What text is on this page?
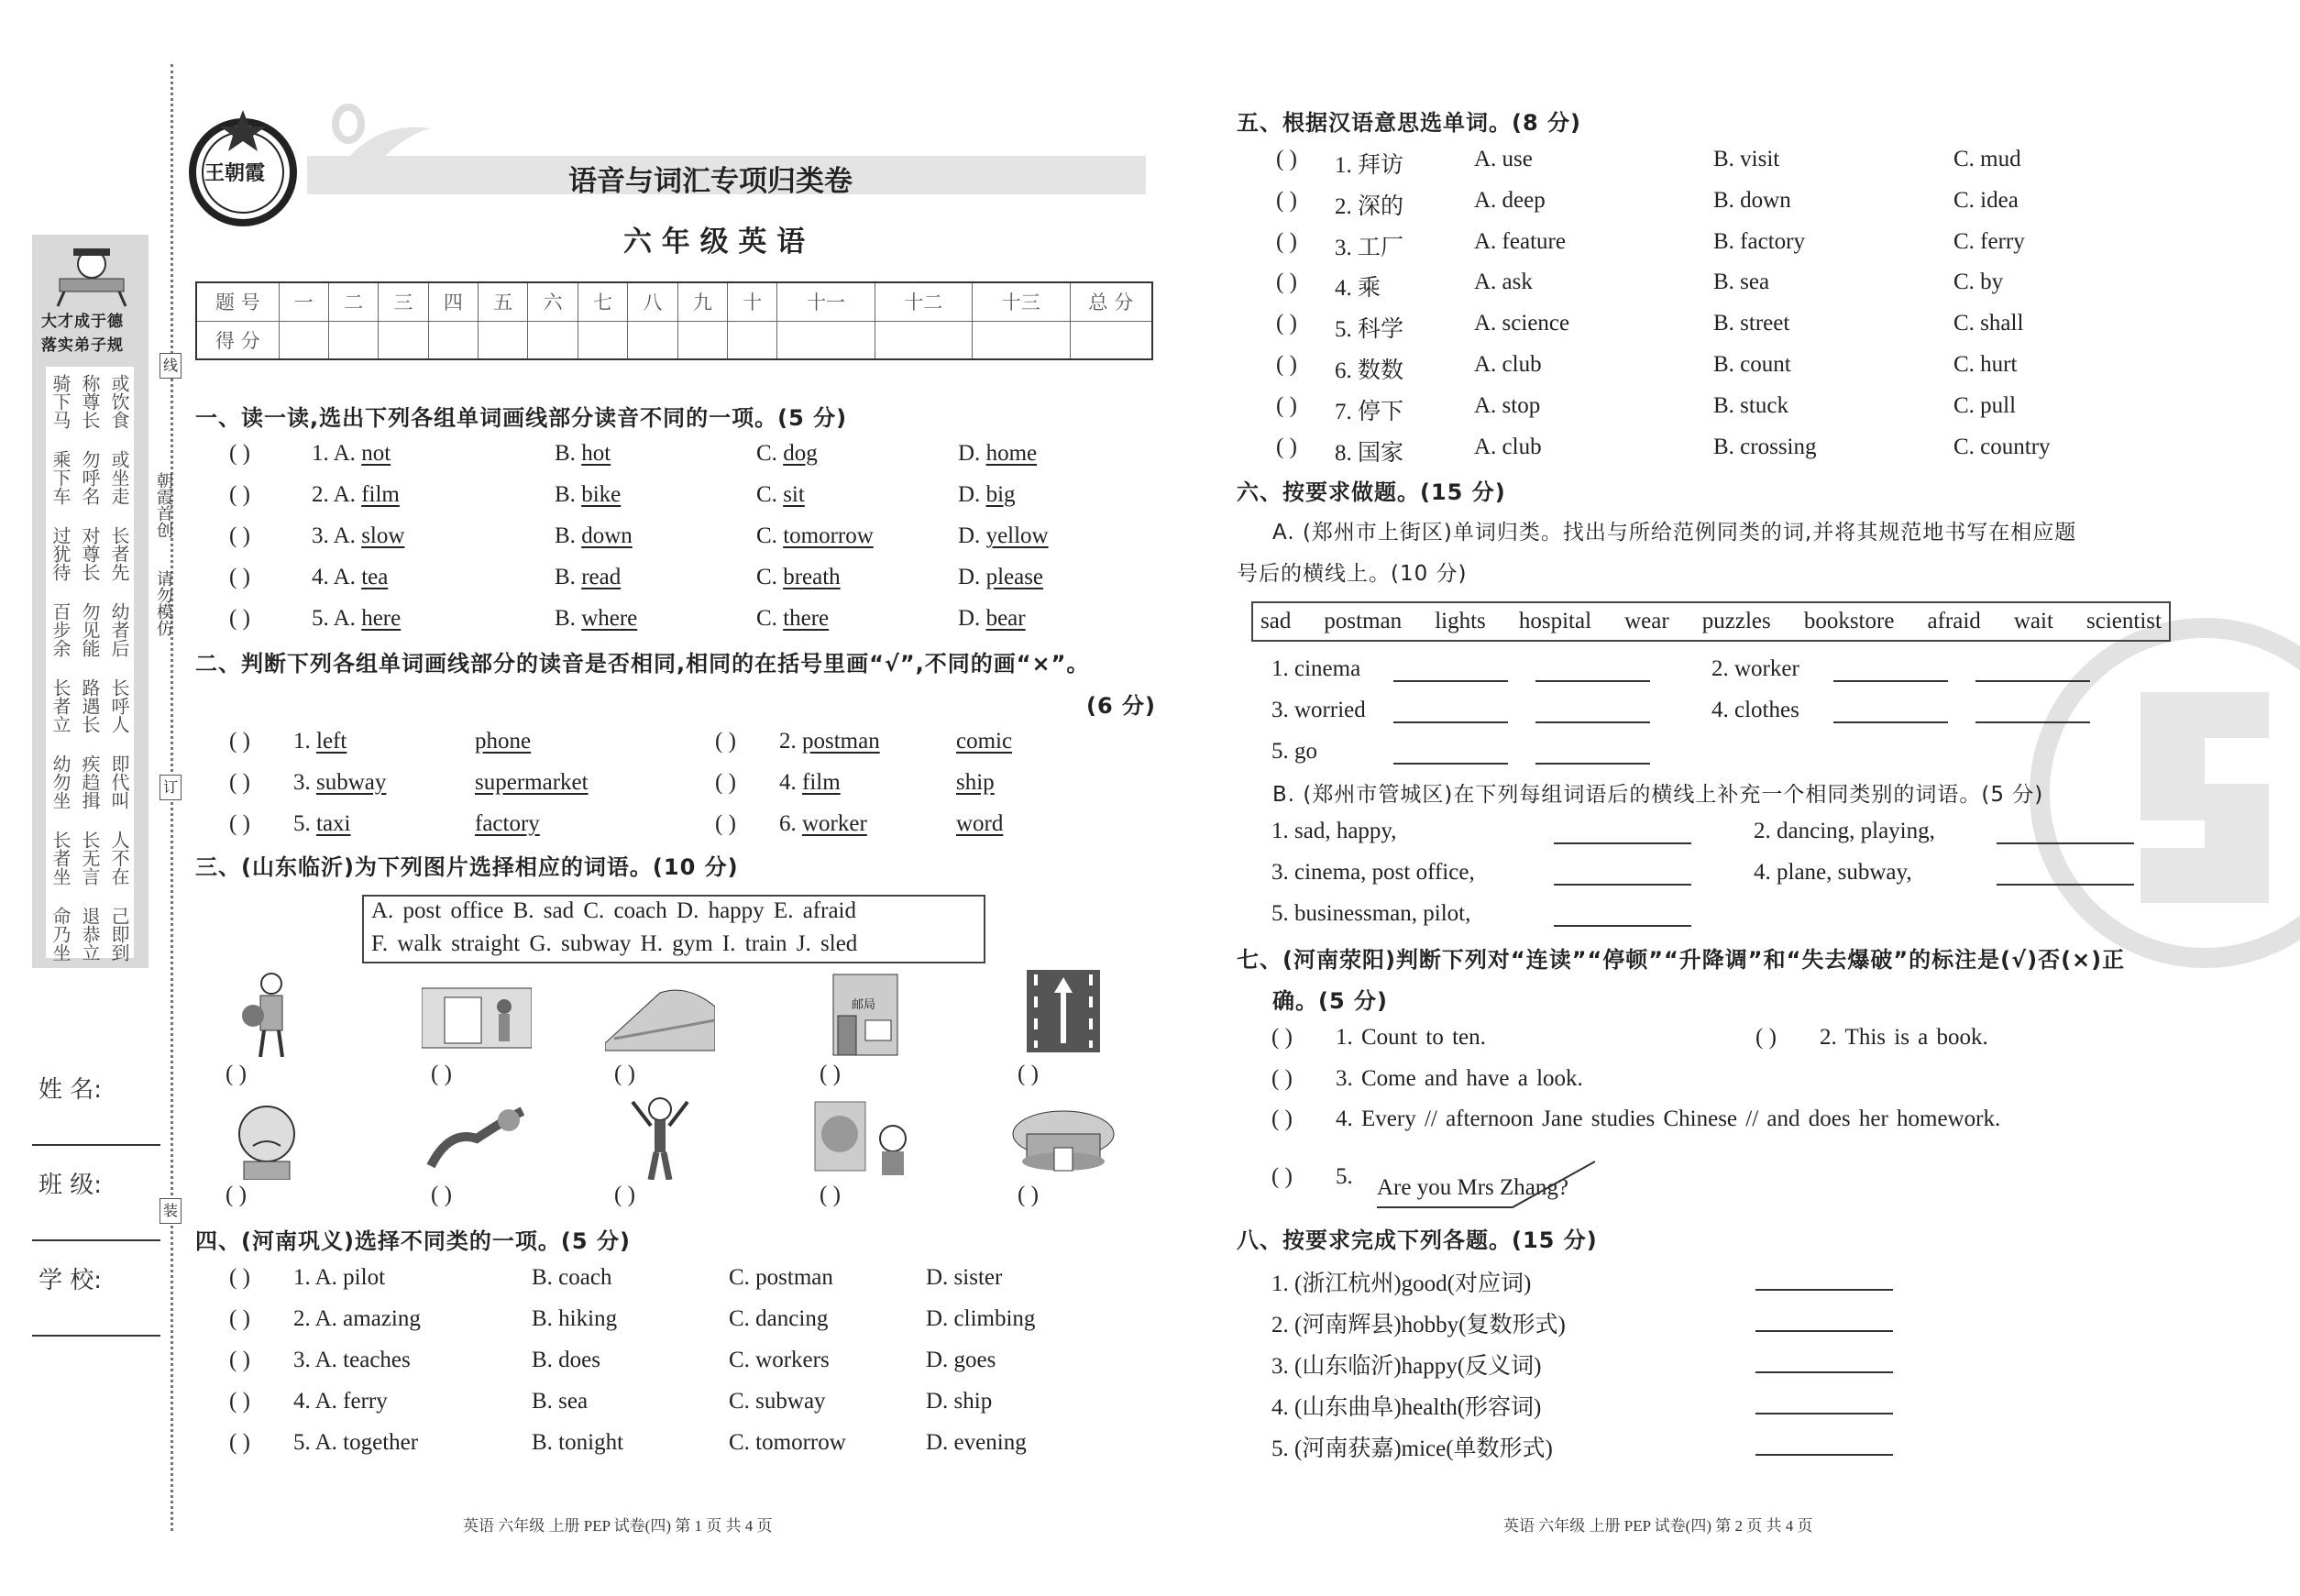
大才成于德
落实弟子规
骑下马 称尊长 或饮食
乘下车 勿呼名 或坐走
过犹待 对尊长 长者先
百步余 勿见能 幼者后
长者立 路遇长 长呼人
幼勿坐 疾趋揖 即代叫
长者坐 长无言 人不在
命乃坐 退恭立 己即到
朝霞首创
请勿模仿
线
装
订
姓 名:
班 级:
学 校:
王朝霞	语音与词汇专项归类卷
六 年 级 英 语
题 号	一	二	三	四	五	六	七	八	九	十	十一	十二	十三	总 分
得 分														
一、读一读,选出下列各组单词画线部分读音不同的一项。(5 分)
( )	1. A. not	B. hot	C. dog	D. home
( )	2. A. film	B. bike	C. sit	D. big
( )	3. A. slow	B. down	C. tomorrow	D. yellow
( )	4. A. tea	B. read	C. breath	D. please
( )	5. A. here	B. where	C. there	D. bear
二、判断下列各组单词画线部分的读音是否相同,相同的在括号里画“√”,不同的画“×”。
(6 分)
( ) 1. left	phone	( ) 2. postman	comic
( ) 3. subway	supermarket	( ) 4. film	ship
( ) 5. taxi	factory	( ) 6. worker	word
三、(山东临沂)为下列图片选择相应的词语。(10 分)
A. post office B. sad C. coach D. happy E. afraid
F. walk straight G. subway H. gym I. train J. sled
( )	( )	( )	( )	( )
( )	( )	( )	( )	( )
邮局
四、(河南巩义)选择不同类的一项。(5 分)
( ) 1. A. pilot	B. coach	C. postman	D. sister
( ) 2. A. amazing	B. hiking	C. dancing	D. climbing
( ) 3. A. teaches	B. does	C. workers	D. goes
( ) 4. A. ferry	B. sea	C. subway	D. ship
( ) 5. A. together	B. tonight	C. tomorrow	D. evening
英语 六年级 上册 PEP 试卷(四) 第 1 页 共 4 页
五、根据汉语意思选单词。(8 分)
( ) 1. 拜访	A. use	B. visit	C. mud
( ) 2. 深的	A. deep	B. down	C. idea
( ) 3. 工厂	A. feature	B. factory	C. ferry
( ) 4. 乘	A. ask	B. sea	C. by
( ) 5. 科学	A. science	B. street	C. shall
( ) 6. 数数	A. club	B. count	C. hurt
( ) 7. 停下	A. stop	B. stuck	C. pull
( ) 8. 国家	A. club	B. crossing	C. country
六、按要求做题。(15 分)
A. (郑州市上街区)单词归类。找出与所给范例同类的词,并将其规范地书写在相应题
号后的横线上。(10 分)
sad postman lights hospital wear puzzles bookstore afraid wait scientist
1. cinema	2. worker
3. worried	4. clothes
5. go
B. (郑州市管城区)在下列每组词语后的横线上补充一个相同类别的词语。(5 分)
1. sad, happy,	2. dancing, playing,
3. cinema, post office,	4. plane, subway,
5. businessman, pilot,
七、(河南荥阳)判断下列对“连读”“停顿”“升降调”和“失去爆破”的标注是(√)否(×)正
确。(5 分)
( ) 1. Count to ten.	( ) 2. This is a book.
( ) 3. Come and have a look.
( ) 4. Every // afternoon Jane studies Chinese // and does her homework.
( ) 5. Are you Mrs Zhang?
八、按要求完成下列各题。(15 分)
1. (浙江杭州)good(对应词)
2. (河南辉县)hobby(复数形式)
3. (山东临沂)happy(反义词)
4. (山东曲阜)health(形容词)
5. (河南获嘉)mice(单数形式)
英语 六年级 上册 PEP 试卷(四) 第 2 页 共 4 页
